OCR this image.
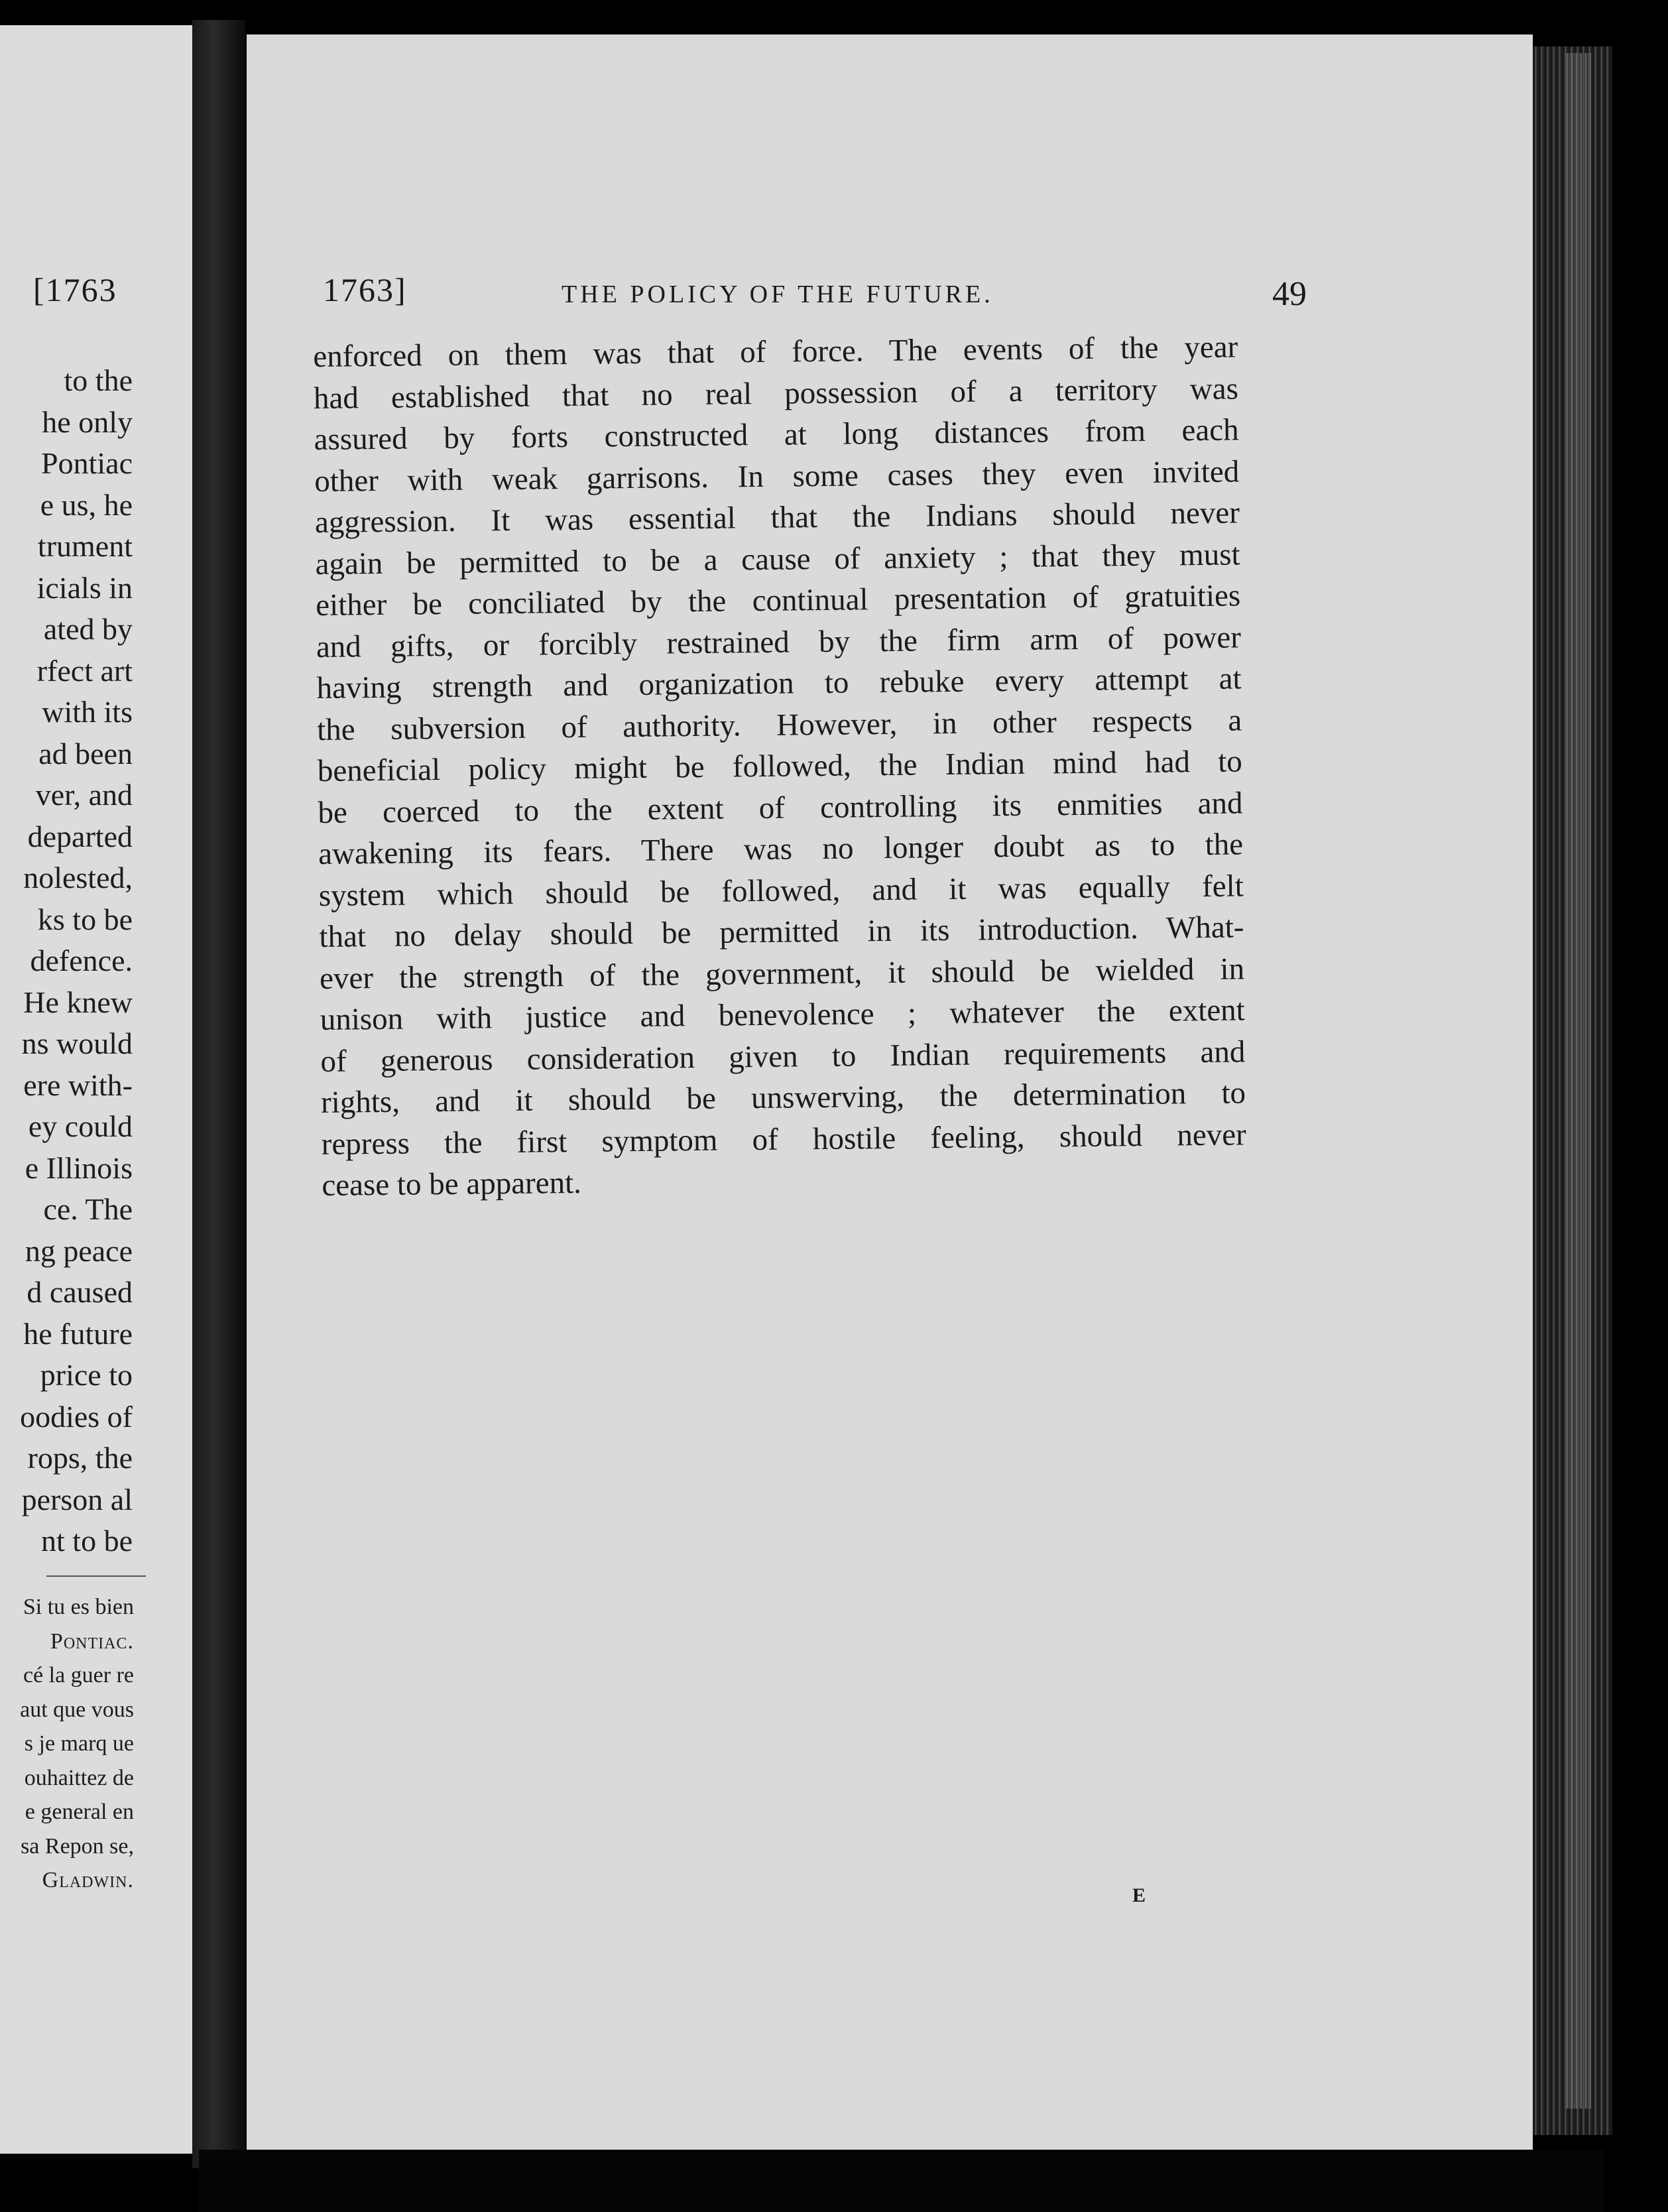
[1763
to the
he only
Pontiac
e us, he
trument
icials in
ated by
rfect art
with its
ad been
ver, and
departed
nolested,
ks to be
defence.
He knew
ns would
ere with-
ey could
e Illinois
ce. The
ng peace
d caused
he future
price to
oodies of
rops, the
person al
nt to be
Si tu es bien
Pontiac.
cé la guer re
aut que vous
s je marq ue
ouhaittez de
e general en
sa Repon se,
Gladwin.
1763]	THE POLICY OF THE FUTURE.	49
enforced on them was that of force. The events of the year
had established that no real possession of a territory was
assured by forts constructed at long distances from each
other with weak garrisons. In some cases they even invited
aggression. It was essential that the Indians should never
again be permitted to be a cause of anxiety ; that they must
either be conciliated by the continual presentation of gratuities
and gifts, or forcibly restrained by the firm arm of power
having strength and organization to rebuke every attempt at
the subversion of authority. However, in other respects a
beneficial policy might be followed, the Indian mind had to
be coerced to the extent of controlling its enmities and
awakening its fears. There was no longer doubt as to the
system which should be followed, and it was equally felt
that no delay should be permitted in its introduction. What-
ever the strength of the government, it should be wielded in
unison with justice and benevolence ; whatever the extent
of generous consideration given to Indian requirements and
rights, and it should be unswerving, the determination to
repress the first symptom of hostile feeling, should never
cease to be apparent.
E
